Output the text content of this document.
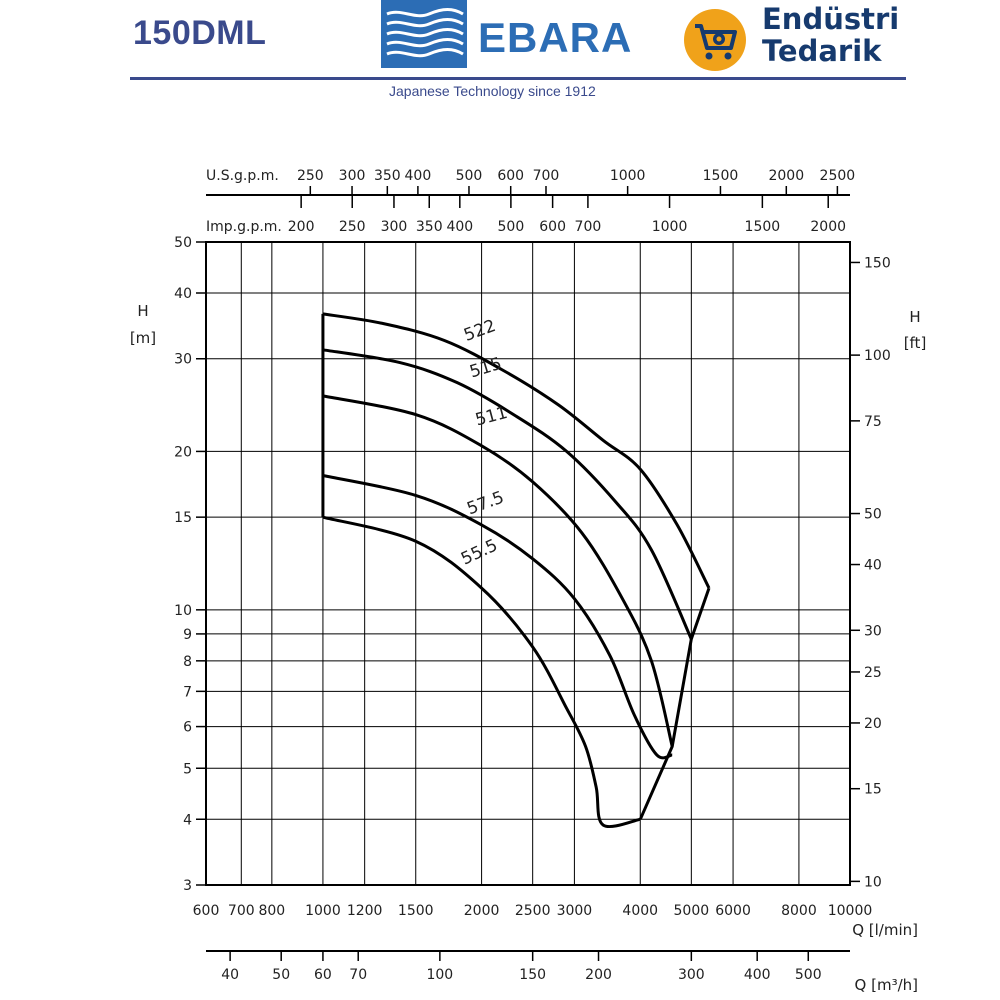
150DML	EBARA
Japanese Technology since 1912
Endüstri
Tedarik
600 700 800 1000 1200 1500 2000 2500 3000 4000 5000 6000 8000 10000
3
4
5
6
7
8
9
10
15
20
30
40
50
10
15
20
25
30
40
50
75
100
150
H
[m]
H
[ft]
Q [l/min]
40 50 60 70	100	150	200	300	400 500
Q [m³/h]
U.S.g.p.m.
Imp.g.p.m.
250 300 350 400 500 600 700	1000	1500 2000 2500
200 250 300 350 400 500 600 700	1000	1500 2000
522
515
511
57.5
55.5
